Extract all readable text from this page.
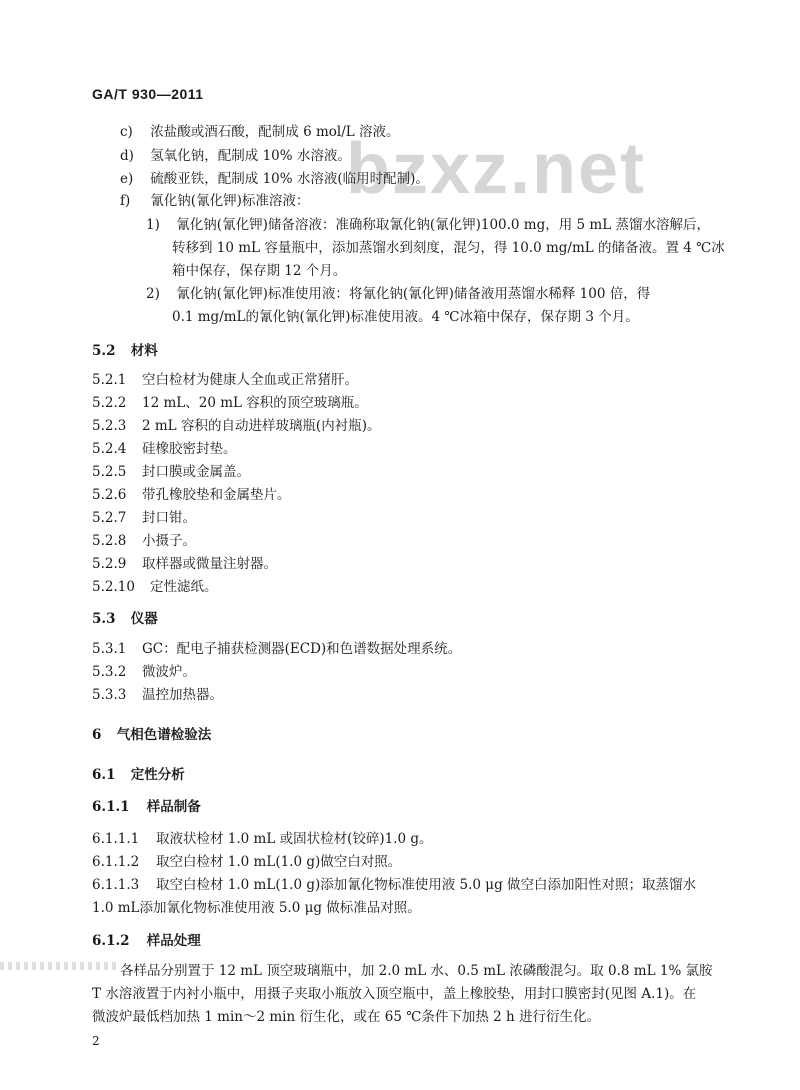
GA/T 930—2011
bzxz.net
c) 浓盐酸或酒石酸，配制成 6 mol/L 溶液。
d) 氢氧化钠，配制成 10% 水溶液。
e) 硫酸亚铁，配制成 10% 水溶液(临用时配制)。
f) 氰化钠(氰化钾)标准溶液：
1) 氰化钠(氰化钾)储备溶液：准确称取氰化钠(氰化钾)100.0 mg，用 5 mL 蒸馏水溶解后，
转移到 10 mL 容量瓶中，添加蒸馏水到刻度，混匀，得 10.0 mg/mL 的储备液。置 4 ℃冰
箱中保存，保存期 12 个月。
2) 氰化钠(氰化钾)标准使用液：将氰化钠(氰化钾)储备液用蒸馏水稀释 100 倍，得
0.1 mg/mL的氰化钠(氰化钾)标准使用液。4 ℃冰箱中保存，保存期 3 个月。
5.2 材料
5.2.1 空白检材为健康人全血或正常猪肝。
5.2.2 12 mL、20 mL 容积的顶空玻璃瓶。
5.2.3 2 mL 容积的自动进样玻璃瓶(内衬瓶)。
5.2.4 硅橡胶密封垫。
5.2.5 封口膜或金属盖。
5.2.6 带孔橡胶垫和金属垫片。
5.2.7 封口钳。
5.2.8 小摄子。
5.2.9 取样器或微量注射器。
5.2.10 定性滤纸。
5.3 仪器
5.3.1 GC：配电子捕获检测器(ECD)和色谱数据处理系统。
5.3.2 微波炉。
5.3.3 温控加热器。
6 气相色谱检验法
6.1 定性分析
6.1.1 样品制备
6.1.1.1 取液状检材 1.0 mL 或固状检材(铰碎)1.0 g。
6.1.1.2 取空白检材 1.0 mL(1.0 g)做空白对照。
6.1.1.3 取空白检材 1.0 mL(1.0 g)添加氰化物标准使用液 5.0 μg 做空白添加阳性对照；取蒸馏水
1.0 mL添加氰化物标准使用液 5.0 μg 做标准品对照。
6.1.2 样品处理
各样品分别置于 12 mL 顶空玻璃瓶中，加 2.0 mL 水、0.5 mL 浓磷酸混匀。取 0.8 mL 1% 氯胺
T 水溶液置于内衬小瓶中，用摄子夹取小瓶放入顶空瓶中，盖上橡胶垫，用封口膜密封(见图 A.1)。在
微波炉最低档加热 1 min～2 min 衍生化，或在 65 ℃条件下加热 2 h 进行衍生化。
2
